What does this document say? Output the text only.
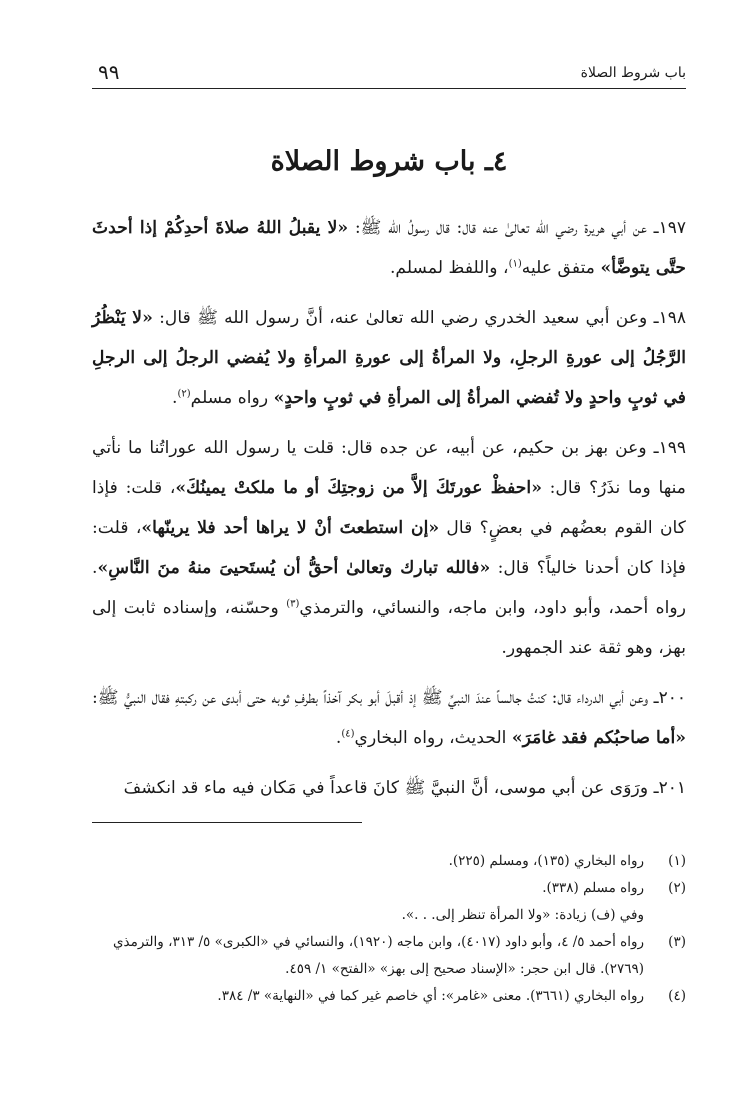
باب شروط الصلاة
٩٩
٤ـ باب شروط الصلاة

١٩٧ـ عن أبي هريرة رضي الله تعالىٰ عنه قال: قال رسولُ الله ﷺ: «لا يقبلُ اللهُ صلاةَ أحدِكُمْ إذا أحدثَ حتَّى يتوضَّأ» متفق عليه$^{(١)}$، واللفظ لمسلم.

١٩٨ـ وعن أبي سعيد الخدري رضي الله تعالىٰ عنه، أنَّ رسول الله ﷺ قال: «لا يَنْظُرُ الرَّجُلُ إلى عورةِ الرجلِ، ولا المرأةُ إلى عورةِ المرأةِ ولا يُفضي الرجلُ إلى الرجلِ في ثوبٍ واحدٍ ولا تُفضي المرأةُ إلى المرأةِ في ثوبٍ واحدٍ» رواه مسلم$^{(٢)}$.

١٩٩ـ وعن بهز بن حكيم، عن أبيه، عن جده قال: قلت يا رسول الله عوراتُنا ما نأتي منها وما نذَرُ؟ قال: «احفظْ عورتَكَ إلاَّ من زوجتِكَ أو ما ملكتْ يمينُكَ»، قلت: فإذا كان القوم بعضُهم في بعضٍ؟ قال «إن استطعتَ أنْ لا يراها أحد فلا يرينّها»، قلت: فإذا كان أحدنا خالياً؟ قال: «فالله تبارك وتعالىٰ أحقُّ أن يُستَحيىَ منهُ منَ النَّاسِ». رواه أحمد، وأبو داود، وابن ماجه، والنسائي، والترمذي$^{(٣)}$ وحسّنه، وإسناده ثابت إلى بهز، وهو ثقة عند الجمهور.

٢٠٠ـ وعن أبي الدرداء قال: كنتُ جالساً عندَ النبيِّ ﷺ إذ أقبلَ أبو بكر آخذاً بطرفِ ثوبه حتى أبدى عن ركبتهِ فقال النبيُّ ﷺ: «أما صاحبُكم فقد غامَرَ» الحديث، رواه البخاري$^{(٤)}$.

٢٠١ـ ورَوَى عن أبي موسى، أنَّ النبيَّ ﷺ كانَ قاعداً في مَكان فيه ماء قد انكشفَ

(١)
رواه البخاري (١٣٥)، ومسلم (٢٢٥).
(٢)
رواه مسلم (٣٣٨).
وفي (ف) زيادة: «ولا المرأة تنظر إلى. . .».
(٣)
رواه أحمد ٥/ ٤، وأبو داود (٤٠١٧)، وابن ماجه (١٩٢٠)، والنسائي في «الكبرى» ٥/ ٣١٣، والترمذي (٢٧٦٩). قال ابن حجر: «الإسناد صحيح إلى بهز» «الفتح» ١/ ٤٥٩.
(٤)
رواه البخاري (٣٦٦١). معنى «غامر»: أي خاصم غير كما في «النهاية» ٣/ ٣٨٤.
